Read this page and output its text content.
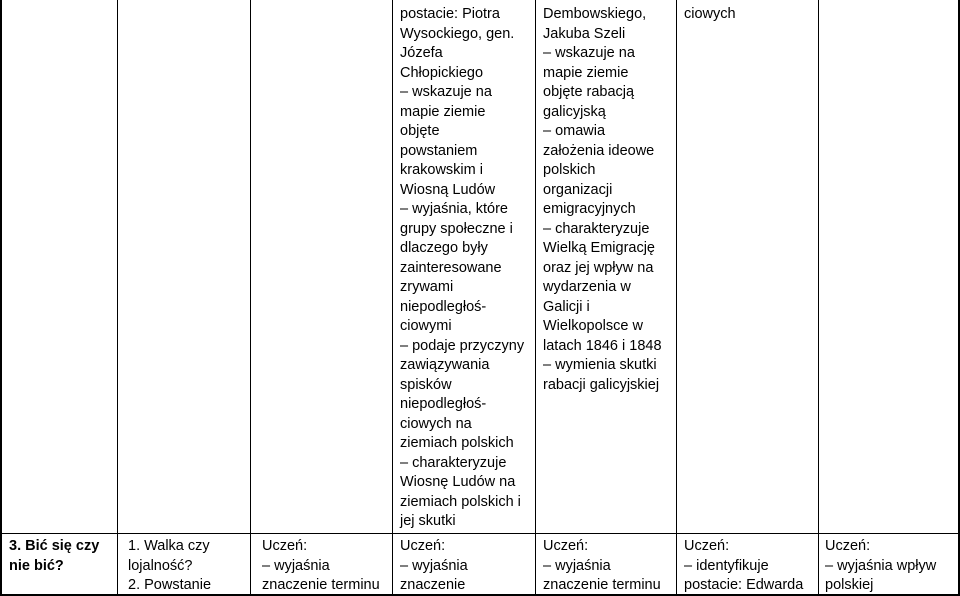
postacie: Piotra
Wysockiego, gen.
Józefa
Chłopickiego
– wskazuje na
mapie ziemie
objęte
powstaniem
krakowskim i
Wiosną Ludów
– wyjaśnia, które
grupy społeczne i
dlaczego były
zainteresowane
zrywami
niepodległoś-
ciowymi
– podaje przyczyny
zawiązywania
spisków
niepodległoś-
ciowych na
ziemiach polskich
– charakteryzuje
Wiosnę Ludów na
ziemiach polskich i
jej skutki
Dembowskiego,
Jakuba Szeli
– wskazuje na
mapie ziemie
objęte rabacją
galicyjską
– omawia
założenia ideowe
polskich
organizacji
emigracyjnych
– charakteryzuje
Wielką Emigrację
oraz jej wpływ na
wydarzenia w
Galicji i
Wielkopolsce w
latach 1846 i 1848
– wymienia skutki
rabacji galicyjskiej
ciowych
3. Bić się czy
nie bić?
1. Walka czy
lojalność?
2. Powstanie
Uczeń:
– wyjaśnia
znaczenie terminu
Uczeń:
– wyjaśnia
znaczenie
Uczeń:
– wyjaśnia
znaczenie terminu
Uczeń:
– identyfikuje
postacie: Edwarda
Uczeń:
– wyjaśnia wpływ
polskiej
